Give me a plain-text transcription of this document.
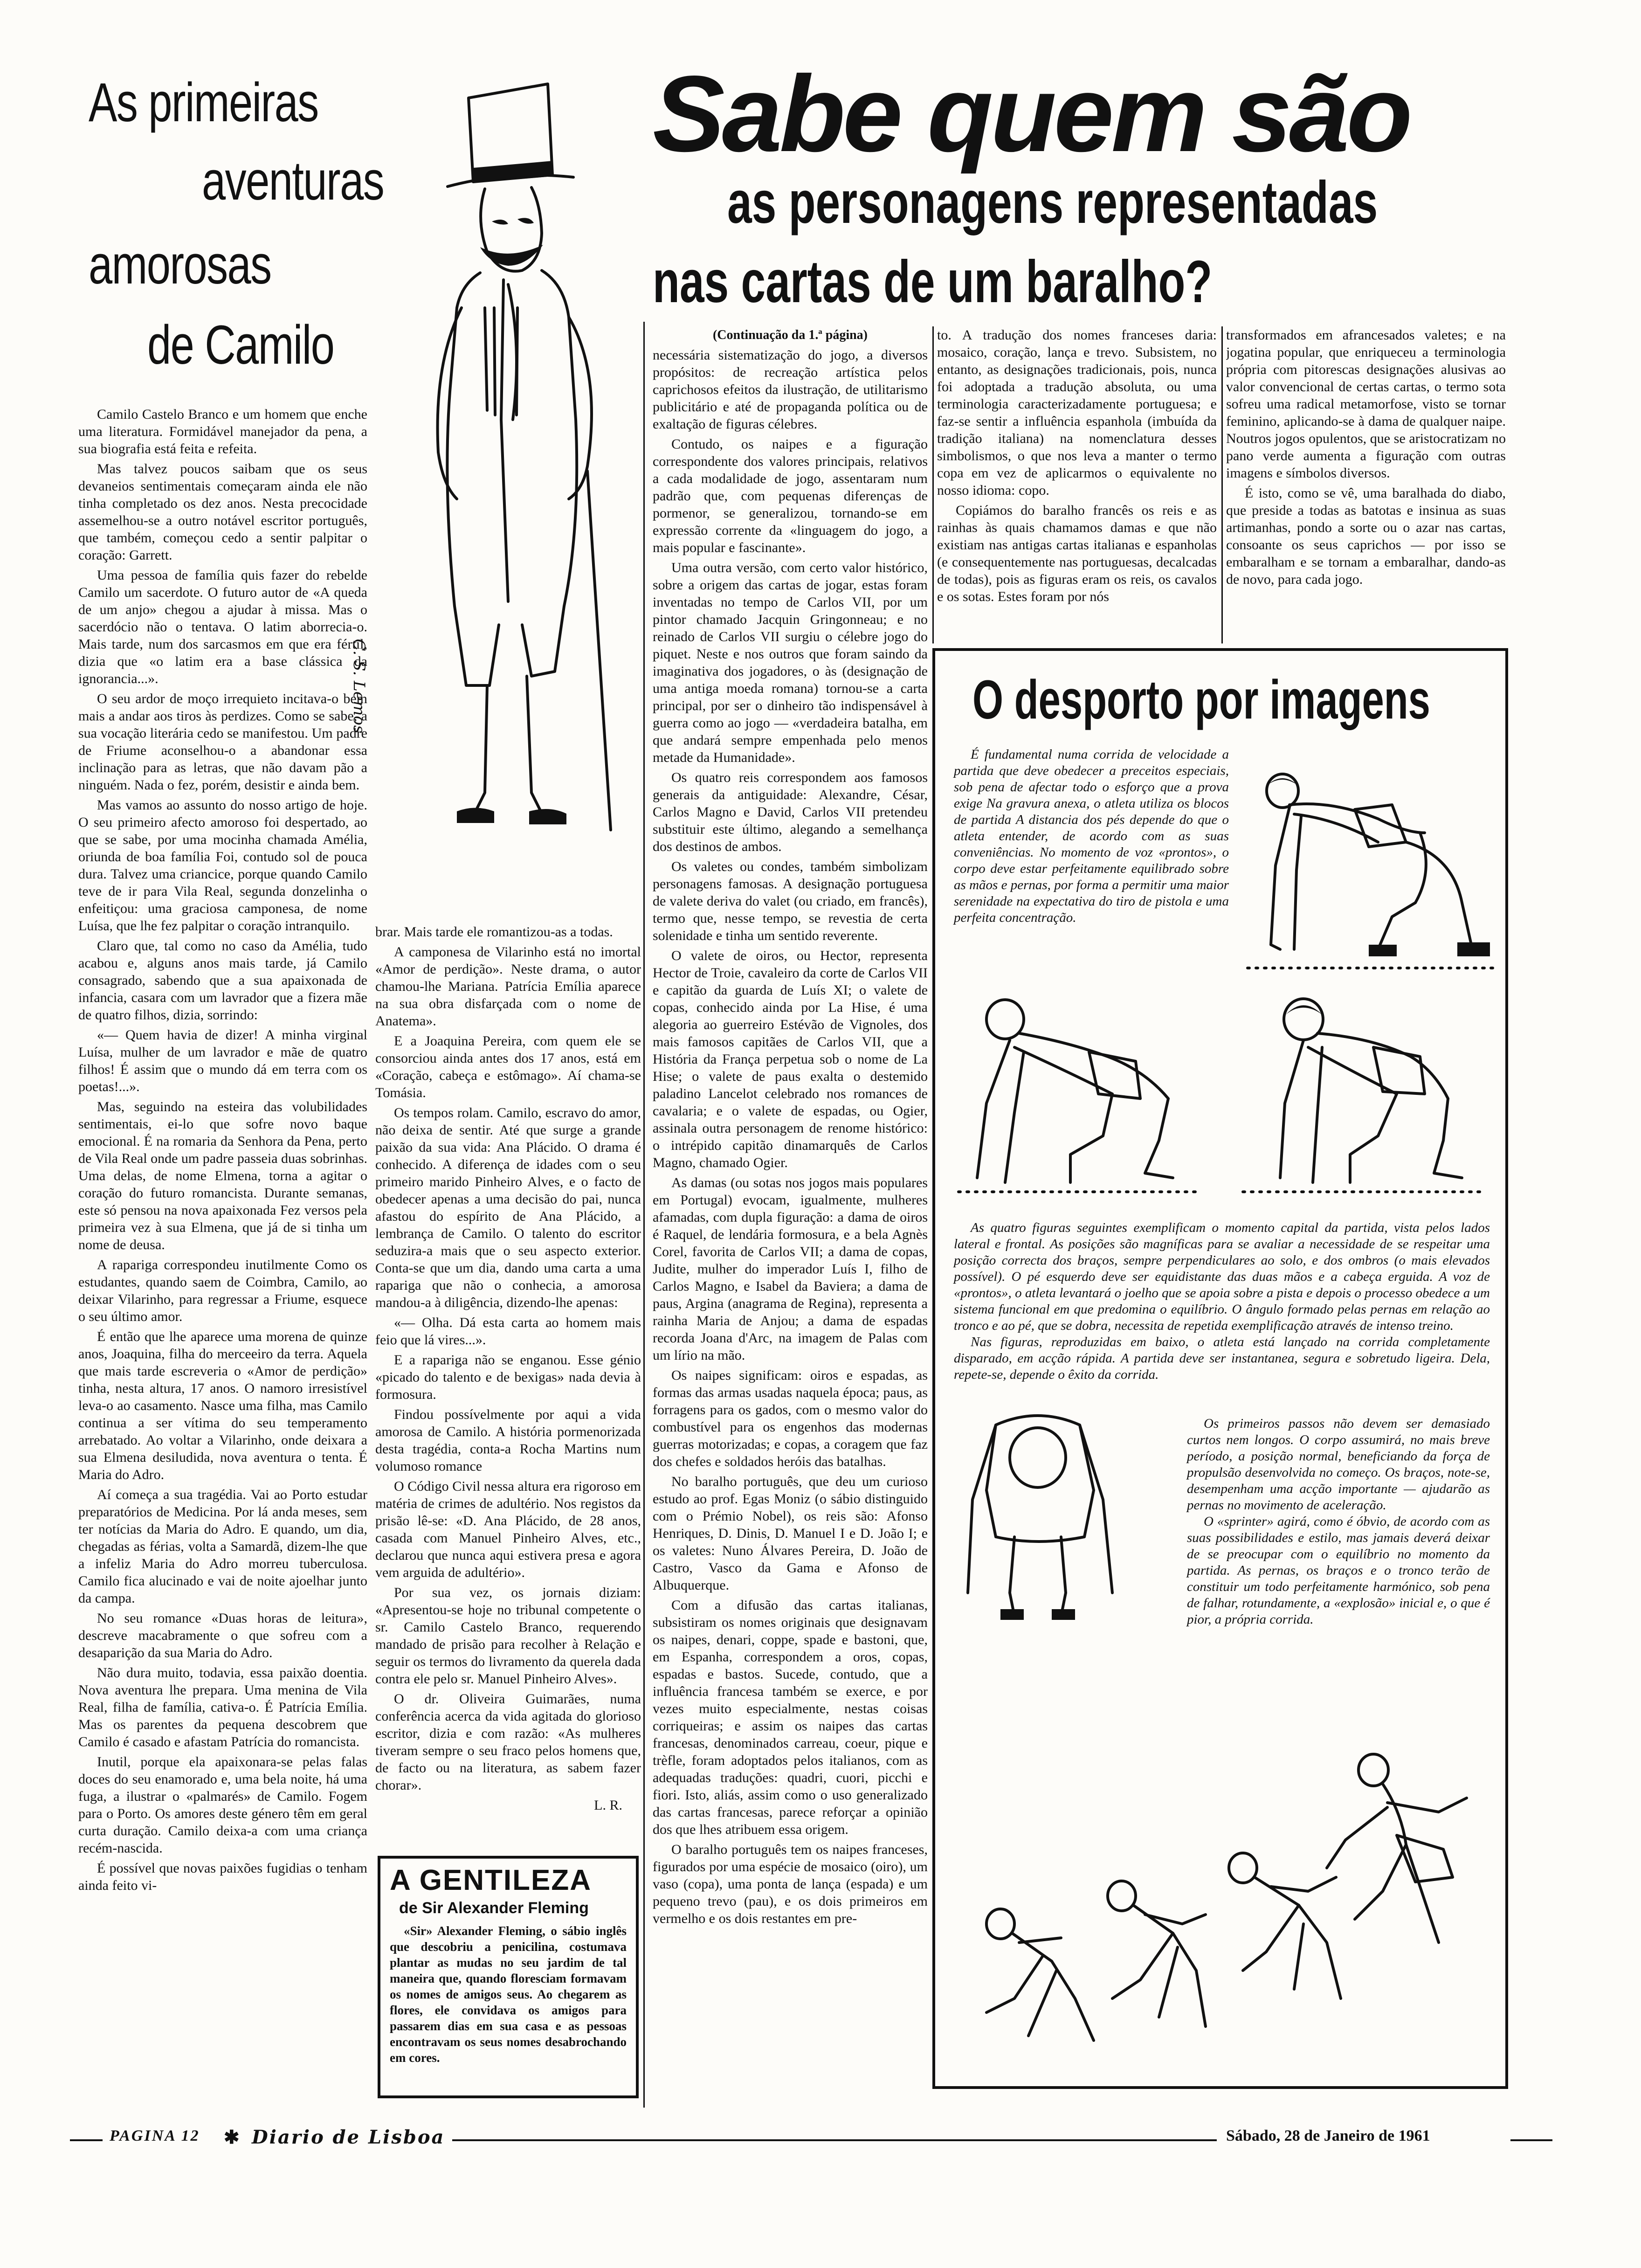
As primeiras
aventuras
amorosas
de Camilo
C. S. Lemos

Camilo Castelo Branco e um homem que enche uma literatura. Formidável manejador da pena, a sua biografia está feita e refeita.

Mas talvez poucos saibam que os seus devaneios sentimentais começaram ainda ele não tinha completado os dez anos. Nesta precocidade assemelhou-se a outro notável escritor português, que também, começou cedo a sentir palpitar o coração: Garrett.

Uma pessoa de família quis fazer do rebelde Camilo um sacerdote. O futuro autor de «A queda de um anjo» chegou a ajudar à missa. Mas o sacerdócio não o tentava. O latim aborrecia-o. Mais tarde, num dos sarcasmos em que era fértil, dizia que «o latim era a base clássica da ignorancia...».

O seu ardor de moço irrequieto incitava-o bem mais a andar aos tiros às perdizes. Como se sabe, a sua vocação literária cedo se manifestou. Um padre de Friume aconselhou-o a abandonar essa inclinação para as letras, que não davam pão a ninguém. Nada o fez, porém, desistir e ainda bem.

Mas vamos ao assunto do nosso artigo de hoje. O seu primeiro afecto amoroso foi despertado, ao que se sabe, por uma mocinha chamada Amélia, oriunda de boa família Foi, contudo sol de pouca dura. Talvez uma criancice, porque quando Camilo teve de ir para Vila Real, segunda donzelinha o enfeitiçou: uma graciosa camponesa, de nome Luísa, que lhe fez palpitar o coração intranquilo.

Claro que, tal como no caso da Amélia, tudo acabou e, alguns anos mais tarde, já Camilo consagrado, sabendo que a sua apaixonada de infancia, casara com um lavrador que a fizera mãe de quatro filhos, dizia, sorrindo:

«— Quem havia de dizer! A minha virginal Luísa, mulher de um lavrador e mãe de quatro filhos! É assim que o mundo dá em terra com os poetas!...».

Mas, seguindo na esteira das volubilidades sentimentais, ei-lo que sofre novo baque emocional. É na romaria da Senhora da Pena, perto de Vila Real onde um padre passeia duas sobrinhas. Uma delas, de nome Elmena, torna a agitar o coração do futuro romancista. Durante semanas, este só pensou na nova apaixonada Fez versos pela primeira vez à sua Elmena, que já de si tinha um nome de deusa.

A rapariga correspondeu inutilmente Como os estudantes, quando saem de Coimbra, Camilo, ao deixar Vilarinho, para regressar a Friume, esquece o seu último amor.

É então que lhe aparece uma morena de quinze anos, Joaquina, filha do merceeiro da terra. Aquela que mais tarde escreveria o «Amor de perdição» tinha, nesta altura, 17 anos. O namoro irresistível leva-o ao casamento. Nasce uma filha, mas Camilo continua a ser vítima do seu temperamento arrebatado. Ao voltar a Vilarinho, onde deixara a sua Elmena desiludida, nova aventura o tenta. É Maria do Adro.

Aí começa a sua tragédia. Vai ao Porto estudar preparatórios de Medicina. Por lá anda meses, sem ter notícias da Maria do Adro. E quando, um dia, chegadas as férias, volta a Samardã, dizem-lhe que a infeliz Maria do Adro morreu tuberculosa. Camilo fica alucinado e vai de noite ajoelhar junto da campa.

No seu romance «Duas horas de leitura», descreve macabramente o que sofreu com a desaparição da sua Maria do Adro.

Não dura muito, todavia, essa paixão doentia. Nova aventura lhe prepara. Uma menina de Vila Real, filha de família, cativa-o. É Patrícia Emília. Mas os parentes da pequena descobrem que Camilo é casado e afastam Patrícia do romancista.

Inutil, porque ela apaixonara-se pelas falas doces do seu enamorado e, uma bela noite, há uma fuga, a ilustrar o «palmarés» de Camilo. Fogem para o Porto. Os amores deste género têm em geral curta duração. Camilo deixa-a com uma criança recém-nascida.

É possível que novas paixões fugidias o tenham ainda feito vi-

brar. Mais tarde ele romantizou-as a todas.

A camponesa de Vilarinho está no imortal «Amor de perdição». Neste drama, o autor chamou-lhe Mariana. Patrícia Emília aparece na sua obra disfarçada com o nome de Anatema».

E a Joaquina Pereira, com quem ele se consorciou ainda antes dos 17 anos, está em «Coração, cabeça e estômago». Aí chama-se Tomásia.

Os tempos rolam. Camilo, escravo do amor, não deixa de sentir. Até que surge a grande paixão da sua vida: Ana Plácido. O drama é conhecido. A diferença de idades com o seu primeiro marido Pinheiro Alves, e o facto de obedecer apenas a uma decisão do pai, nunca afastou do espírito de Ana Plácido, a lembrança de Camilo. O talento do escritor seduzira-a mais que o seu aspecto exterior. Conta-se que um dia, dando uma carta a uma rapariga que não o conhecia, a amorosa mandou-a à diligência, dizendo-lhe apenas:

«— Olha. Dá esta carta ao homem mais feio que lá vires...».

E a rapariga não se enganou. Esse génio «picado do talento e de bexigas» nada devia à formosura.

Findou possívelmente por aqui a vida amorosa de Camilo. A história pormenorizada desta tragédia, conta-a Rocha Martins num volumoso romance

O Código Civil nessa altura era rigoroso em matéria de crimes de adultério. Nos registos da prisão lê-se: «D. Ana Plácido, de 28 anos, casada com Manuel Pinheiro Alves, etc., declarou que nunca aqui estivera presa e agora vem arguida de adultério».

Por sua vez, os jornais diziam: «Apresentou-se hoje no tribunal competente o sr. Camilo Castelo Branco, requerendo mandado de prisão para recolher à Relação e seguir os termos do livramento da querela dada contra ele pelo sr. Manuel Pinheiro Alves».

O dr. Oliveira Guimarães, numa conferência acerca da vida agitada do glorioso escritor, dizia e com razão: «As mulheres tiveram sempre o seu fraco pelos homens que, de facto ou na literatura, as sabem fazer chorar».

L. R.
A GENTILEZA
de Sir Alexander Fleming
«Sir» Alexander Fleming, o sábio inglês que descobriu a penicilina, costumava plantar as mudas no seu jardim de tal maneira que, quando floresciam formavam os nomes de amigos seus. Ao chegarem as flores, ele convidava os amigos para passarem dias em sua casa e as pessoas encontravam os seus nomes desabrochando em cores.
Sabe quem são
as personagens representadas
nas cartas de um baralho?
(Continuação da 1.ª página)

necessária sistematização do jogo, a diversos propósitos: de recreação artística pelos caprichosos efeitos da ilustração, de utilitarismo publicitário e até de propaganda política ou de exaltação de figuras célebres.

Contudo, os naipes e a figuração correspondente dos valores principais, relativos a cada modalidade de jogo, assentaram num padrão que, com pequenas diferenças de pormenor, se generalizou, tornando-se em expressão corrente da «linguagem do jogo, a mais popular e fascinante».

Uma outra versão, com certo valor histórico, sobre a origem das cartas de jogar, estas foram inventadas no tempo de Carlos VII, por um pintor chamado Jacquin Gringonneau; e no reinado de Carlos VII surgiu o célebre jogo do piquet. Neste e nos outros que foram saindo da imaginativa dos jogadores, o às (designação de uma antiga moeda romana) tornou-se a carta principal, por ser o dinheiro tão indispensável à guerra como ao jogo — «verdadeira batalha, em que andará sempre empenhada pelo menos metade da Humanidade».

Os quatro reis correspondem aos famosos generais da antiguidade: Alexandre, César, Carlos Magno e David, Carlos VII pretendeu substituir este último, alegando a semelhança dos destinos de ambos.

Os valetes ou condes, também simbolizam personagens famosas. A designação portuguesa de valete deriva do valet (ou criado, em francês), termo que, nesse tempo, se revestia de certa solenidade e tinha um sentido reverente.

O valete de oiros, ou Hector, representa Hector de Troie, cavaleiro da corte de Carlos VII e capitão da guarda de Luís XI; o valete de copas, conhecido ainda por La Hise, é uma alegoria ao guerreiro Estévão de Vignoles, dos mais famosos capitães de Carlos VII, que a História da França perpetua sob o nome de La Hise; o valete de paus exalta o destemido paladino Lancelot celebrado nos romances de cavalaria; e o valete de espadas, ou Ogier, assinala outra personagem de renome histórico: o intrépido capitão dinamarquês de Carlos Magno, chamado Ogier.

As damas (ou sotas nos jogos mais populares em Portugal) evocam, igualmente, mulheres afamadas, com dupla figuração: a dama de oiros é Raquel, de lendária formosura, e a bela Agnès Corel, favorita de Carlos VII; a dama de copas, Judite, mulher do imperador Luís I, filho de Carlos Magno, e Isabel da Baviera; a dama de paus, Argina (anagrama de Regina), representa a rainha Maria de Anjou; a dama de espadas recorda Joana d'Arc, na imagem de Palas com um lírio na mão.

Os naipes significam: oiros e espadas, as formas das armas usadas naquela época; paus, as forragens para os gados, com o mesmo valor do combustível para os engenhos das modernas guerras motorizadas; e copas, a coragem que faz dos chefes e soldados heróis das batalhas.

No baralho português, que deu um curioso estudo ao prof. Egas Moniz (o sábio distinguido com o Prémio Nobel), os reis são: Afonso Henriques, D. Dinis, D. Manuel I e D. João I; e os valetes: Nuno Álvares Pereira, D. João de Castro, Vasco da Gama e Afonso de Albuquerque.

Com a difusão das cartas italianas, subsistiram os nomes originais que designavam os naipes, denari, coppe, spade e bastoni, que, em Espanha, correspondem a oros, copas, espadas e bastos. Sucede, contudo, que a influência francesa também se exerce, e por vezes muito especialmente, nestas coisas corriqueiras; e assim os naipes das cartas francesas, denominados carreau, coeur, pique e trèfle, foram adoptados pelos italianos, com as adequadas traduções: quadri, cuori, picchi e fiori. Isto, aliás, assim como o uso generalizado das cartas francesas, parece reforçar a opinião dos que lhes atribuem essa origem.

O baralho português tem os naipes franceses, figurados por uma espécie de mosaico (oiro), um vaso (copa), uma ponta de lança (espada) e um pequeno trevo (pau), e os dois primeiros em vermelho e os dois restantes em pre-

to. A tradução dos nomes franceses daria: mosaico, coração, lança e trevo. Subsistem, no entanto, as designações tradicionais, pois, nunca foi adoptada a tradução absoluta, ou uma terminologia caracterizadamente portuguesa; e faz-se sentir a influência espanhola (imbuída da tradição italiana) na nomenclatura desses simbolismos, o que nos leva a manter o termo copa em vez de aplicarmos o equivalente no nosso idioma: copo.

Copiámos do baralho francês os reis e as rainhas às quais chamamos damas e que não existiam nas antigas cartas italianas e espanholas (e consequentemente nas portuguesas, decalcadas de todas), pois as figuras eram os reis, os cavalos e os sotas. Estes foram por nós

transformados em afrancesados valetes; e na jogatina popular, que enriqueceu a terminologia própria com pitorescas designações alusivas ao valor convencional de certas cartas, o termo sota sofreu uma radical metamorfose, visto se tornar feminino, aplicando-se à dama de qualquer naipe. Noutros jogos opulentos, que se aristocratizam no pano verde aumenta a figuração com outras imagens e símbolos diversos.

É isto, como se vê, uma baralhada do diabo, que preside a todas as batotas e insinua as suas artimanhas, pondo a sorte ou o azar nas cartas, consoante os seus caprichos — por isso se embaralham e se tornam a embaralhar, dando-as de novo, para cada jogo.

O desporto por imagens

É fundamental numa corrida de velocidade a partida que deve obedecer a preceitos especiais, sob pena de afectar todo o esforço que a prova exige Na gravura anexa, o atleta utiliza os blocos de partida A distancia dos pés depende do que o atleta entender, de acordo com as suas conveniências. No momento de voz «prontos», o corpo deve estar perfeitamente equilibrado sobre as mãos e pernas, por forma a permitir uma maior serenidade na expectativa do tiro de pistola e uma perfeita concentração.

As quatro figuras seguintes exemplificam o momento capital da partida, vista pelos lados lateral e frontal. As posições são magníficas para se avaliar a necessidade de se respeitar uma posição correcta dos braços, sempre perpendiculares ao solo, e dos ombros (o mais elevados possível). O pé esquerdo deve ser equidistante das duas mãos e a cabeça erguida. A voz de «prontos», o atleta levantará o joelho que se apoia sobre a pista e depois o processo obedece a um sistema funcional em que predomina o equilíbrio. O ângulo formado pelas pernas em relação ao tronco e ao pé, que se dobra, necessita de repetida exemplificação através de intenso treino.

Nas figuras, reproduzidas em baixo, o atleta está lançado na corrida completamente disparado, em acção rápida. A partida deve ser instantanea, segura e sobretudo ligeira. Dela, repete-se, depende o êxito da corrida.

Os primeiros passos não devem ser demasiado curtos nem longos. O corpo assumirá, no mais breve período, a posição normal, beneficiando da força de propulsão desenvolvida no começo. Os braços, note-se, desempenham uma acção importante — ajudarão as pernas no movimento de aceleração.

O «sprinter» agirá, como é óbvio, de acordo com as suas possibilidades e estilo, mas jamais deverá deixar de se preocupar com o equilíbrio no momento da partida. As pernas, os braços e o tronco terão de constituir um todo perfeitamente harmónico, sob pena de falhar, rotundamente, a «explosão» inicial e, o que é pior, a própria corrida.

PAGINA 12 ✱ Diario de Lisboa	Sábado, 28 de Janeiro de 1961
